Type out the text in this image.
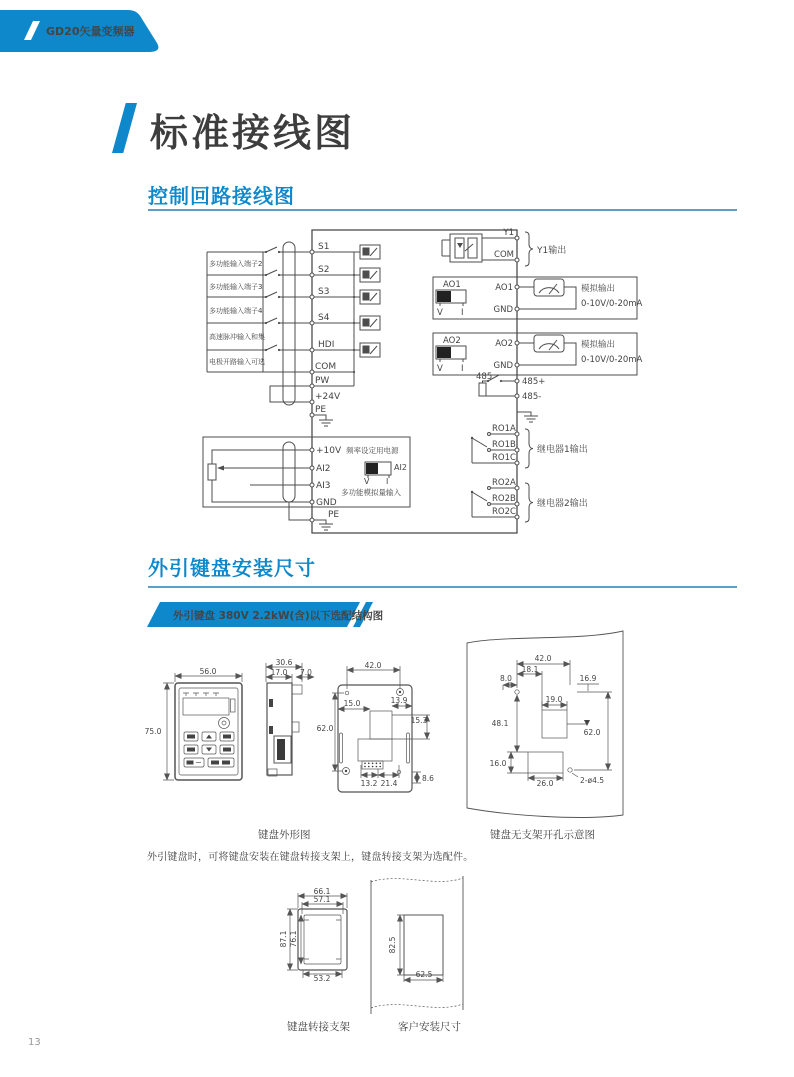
GD20矢量变频器
标准接线图
控制回路接线图
S1
S2
S3
S4
HDI
COM
PW
+24V
PE
多功能输入端子2
多功能输入端子3
多功能输入端子4
高速脉冲输入和集
电极开路输入可选
+10V 频率设定用电源
AI2
AI3
GND
AI2
V I
多功能模拟量输入
PE
Y1
COM
AO1
V I
AO1
GND
模拟输出
0-10V/0-20mA
AO2
V I
AO2
GND
模拟输出
0-10V/0-20mA
485	485+
485-
RO1A
RO1B
RO1C
RO2A
RO2B
RO2C
Y1输出
继电器1输出
继电器2输出
外引键盘安装尺寸
外引键盘 380V 2.2kW(含)以下选配结构图
56.0
75.0
30.6
17.0 7.0
42.0
62.0
15.0	13.9
15.3
8.6
13.2 21.4
42.0
18.1
8.0	16.9
19.0
48.1
62.0
16.0
26.0	2-ø4.5
键盘外形图	键盘无支架开孔示意图
外引键盘时，可将键盘安装在键盘转接支架上，键盘转接支架为选配件。
66.1
57.1
87.1 76.1
53.2
82.5
62.5
键盘转接支架	客户安装尺寸
13
